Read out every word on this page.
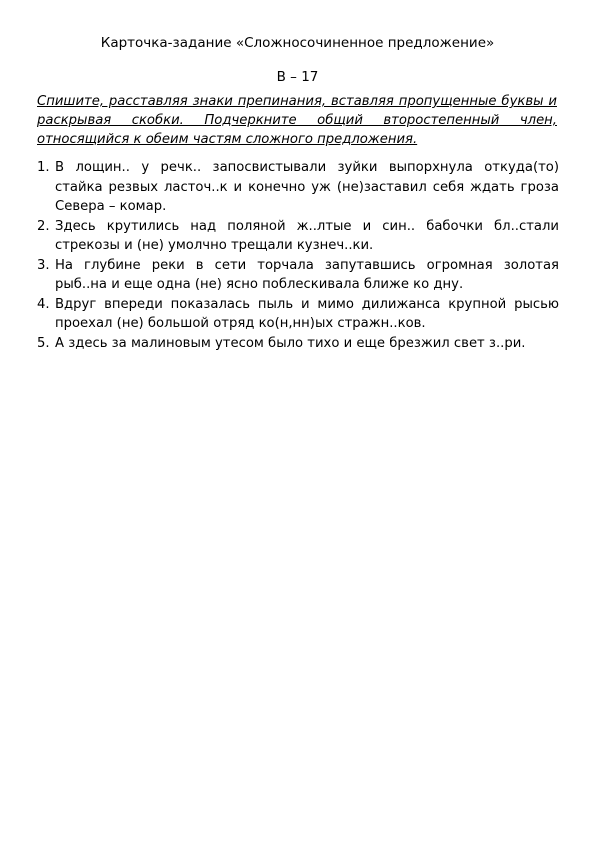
Карточка-задание «Сложносочиненное предложение»
В – 17
Спишите, расставляя знаки препинания, вставляя пропущенные буквы и раскрывая скобки. Подчеркните общий второстепенный член, относящийся к обеим частям сложного предложения.
1. В лощин.. у речк.. запосвистывали зуйки выпорхнула откуда(то) стайка резвых ласточ..к и конечно уж (не)заставил себя ждать гроза Севера – комар.
2. Здесь крутились над поляной ж..лтые и син.. бабочки бл..стали стрекозы и (не) умолчно трещали кузнеч..ки.
3. На глубине реки в сети торчала запутавшись огромная золотая рыб..на и еще одна (не) ясно поблескивала ближе ко дну.
4. Вдруг впереди показалась пыль и мимо дилижанса крупной рысью проехал (не) большой отряд ко(н,нн)ых стражн..ков.
5. А здесь за малиновым утесом было тихо и еще брезжил свет з..ри.
